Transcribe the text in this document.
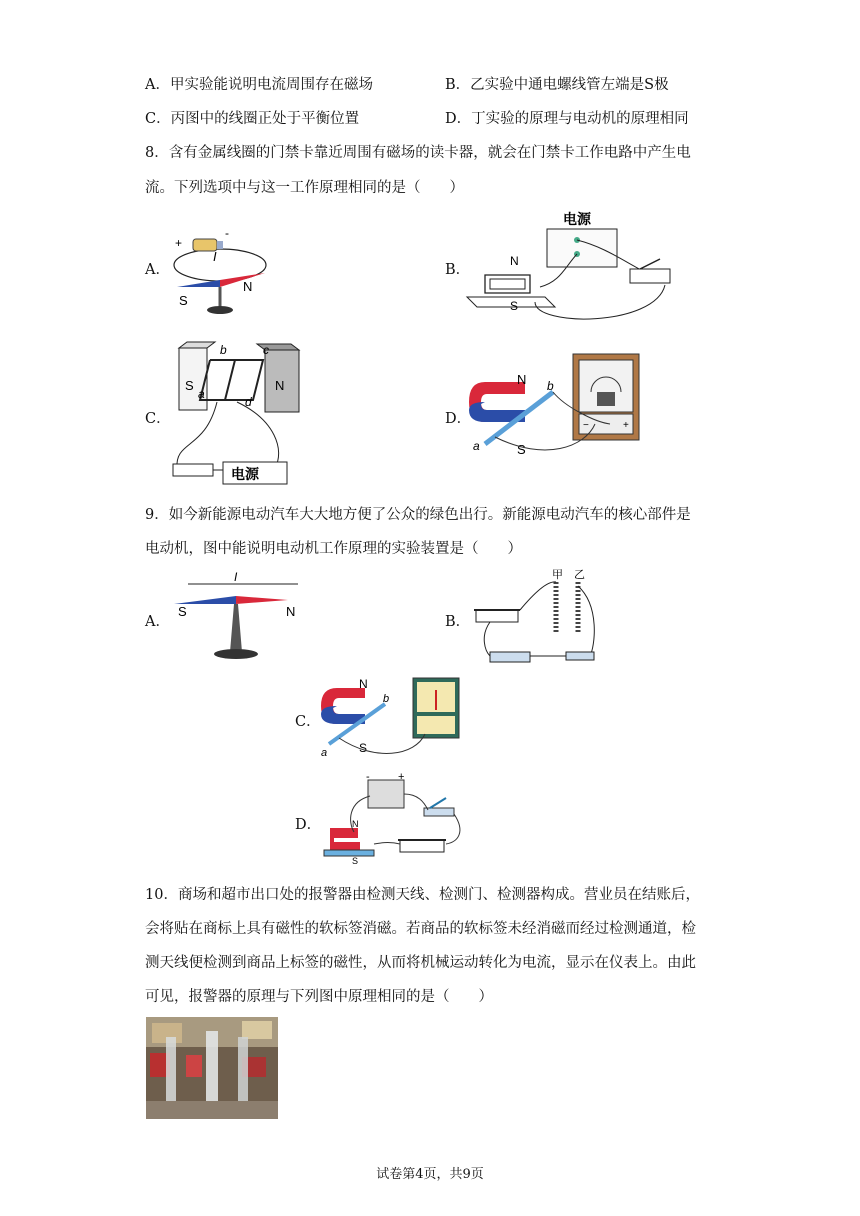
A．甲实验能说明电流周围存在磁场	B．乙实验中通电螺线管左端是S极
C．丙图中的线圈正处于平衡位置	D．丁实验的原理与电动机的原理相同
8．含有金属线圈的门禁卡靠近周围有磁场的读卡器，就会在门禁卡工作电路中产生电
流。下列选项中与这一工作原理相同的是（　　）
A．
+
-
I
S
N
B．
电源
N
S
C．
S	N
b	c
a
d
电源
D．
N
S
a
b
−	+
9．如今新能源电动汽车大大地方便了公众的绿色出行。新能源电动汽车的核心部件是
电动机，图中能说明电动机工作原理的实验装置是（　　）
A．
I
S	N
B．
甲 乙
C．
N
S
a
b
D．
-	+
N
S
10．商场和超市出口处的报警器由检测天线、检测门、检测器构成。营业员在结账后，
会将贴在商标上具有磁性的软标签消磁。若商品的软标签未经消磁而经过检测通道，检
测天线便检测到商品上标签的磁性，从而将机械运动转化为电流，显示在仪表上。由此
可见，报警器的原理与下列图中原理相同的是（　　）
试卷第4页，共9页
